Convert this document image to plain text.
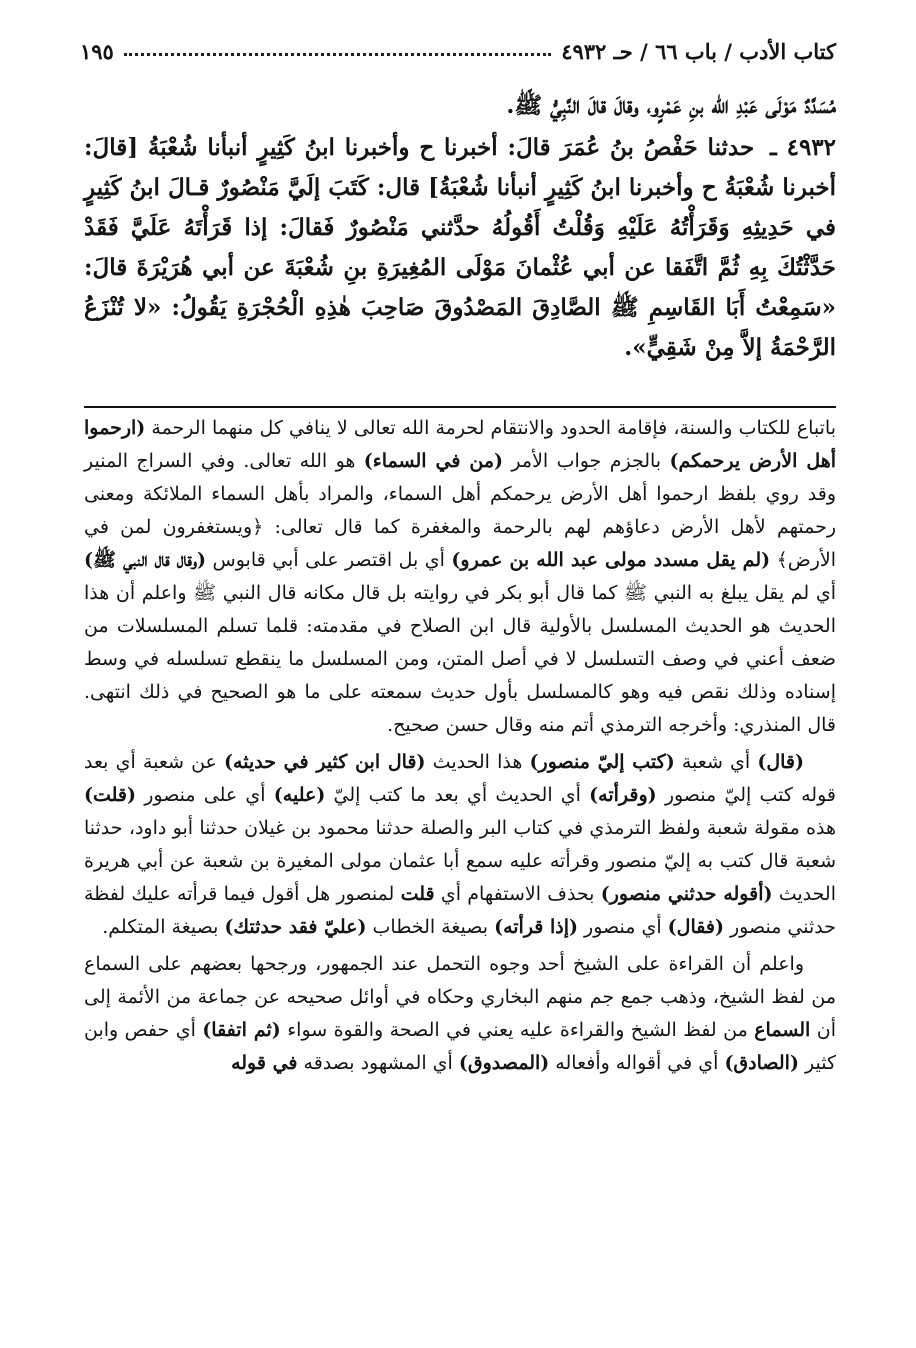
كتاب الأدب / باب ٦٦ / حـ ٤٩٣٢
١٩٥

مُسَدَّدٌ مَوْلَى عَبْدِ الله بنِ عَمْرٍو، وقالَ قالَ النَّبِيُّ ﷺ.

٤٩٣٢ ـ حدثنا حَفْصُ بنُ عُمَرَ قالَ: أخبرنا ح وأخبرنا ابنُ كَثِيرٍ أنبأنا شُعْبَةُ [قالَ: أخبرنا شُعْبَةُ ح وأخبرنا ابنُ كَثِيرٍ أنبأنا شُعْبَةُ] قال: كَتَبَ إلَيَّ مَنْصُورٌ قـالَ ابنُ كَثِيرٍ في حَدِيثِهِ وَقَرَأْتُهُ عَلَيْهِ وَقُلْتُ أَقُولُهُ حدَّثني مَنْصُورٌ فَقالَ: إذا قَرَأْتَهُ عَلَيَّ فَقَدْ حَدَّثْتُكَ بِهِ ثُمَّ اتَّفَقا عن أبي عُثْمانَ مَوْلَى المُغِيرَةِ بنِ شُعْبَةَ عن أبي هُرَيْرَةَ قالَ: «سَمِعْتُ أَبَا القَاسِمِ ﷺ الصَّادِقَ المَصْدُوقَ صَاحِبَ هٰذِهِ الْحُجْرَةِ يَقُولُ: «لا تُنْزَعُ الرَّحْمَةُ إلاَّ مِنْ شَقِيٍّ».

باتباع للكتاب والسنة، فإقامة الحدود والانتقام لحرمة الله تعالى لا ينافي كل منهما الرحمة (ارحموا أهل الأرض يرحمكم) بالجزم جواب الأمر (من في السماء) هو الله تعالى. وفي السراج المنير وقد روي بلفظ ارحموا أهل الأرض يرحمكم أهل السماء، والمراد بأهل السماء الملائكة ومعنى رحمتهم لأهل الأرض دعاؤهم لهم بالرحمة والمغفرة كما قال تعالى: ﴿ويستغفرون لمن في الأرض﴾ (لم يقل مسدد مولى عبد الله بن عمرو) أي بل اقتصر على أبي قابوس (وقال قال النبي ﷺ) أي لم يقل يبلغ به النبي ﷺ كما قال أبو بكر في روايته بل قال مكانه قال النبي ﷺ واعلم أن هذا الحديث هو الحديث المسلسل بالأولية قال ابن الصلاح في مقدمته: قلما تسلم المسلسلات من ضعف أعني في وصف التسلسل لا في أصل المتن، ومن المسلسل ما ينقطع تسلسله في وسط إسناده وذلك نقص فيه وهو كالمسلسل بأول حديث سمعته على ما هو الصحيح في ذلك انتهى. قال المنذري: وأخرجه الترمذي أتم منه وقال حسن صحيح.

(قال) أي شعبة (كتب إليّ منصور) هذا الحديث (قال ابن كثير في حديثه) عن شعبة أي بعد قوله كتب إليّ منصور (وقرأته) أي الحديث أي بعد ما كتب إليّ (عليه) أي على منصور (قلت) هذه مقولة شعبة ولفظ الترمذي في كتاب البر والصلة حدثنا محمود بن غيلان حدثنا أبو داود، حدثنا شعبة قال كتب به إليّ منصور وقرأته عليه سمع أبا عثمان مولى المغيرة بن شعبة عن أبي هريرة الحديث (أقوله حدثني منصور) بحذف الاستفهام أي قلت لمنصور هل أقول فيما قرأته عليك لفظة حدثني منصور (فقال) أي منصور (إذا قرأته) بصيغة الخطاب (عليّ فقد حدثتك) بصيغة المتكلم.

واعلم أن القراءة على الشيخ أحد وجوه التحمل عند الجمهور، ورجحها بعضهم على السماع من لفظ الشيخ، وذهب جمع جم منهم البخاري وحكاه في أوائل صحيحه عن جماعة من الأئمة إلى أن السماع من لفظ الشيخ والقراءة عليه يعني في الصحة والقوة سواء (ثم اتفقا) أي حفص وابن كثير (الصادق) أي في أقواله وأفعاله (المصدوق) أي المشهود بصدقه في قوله
